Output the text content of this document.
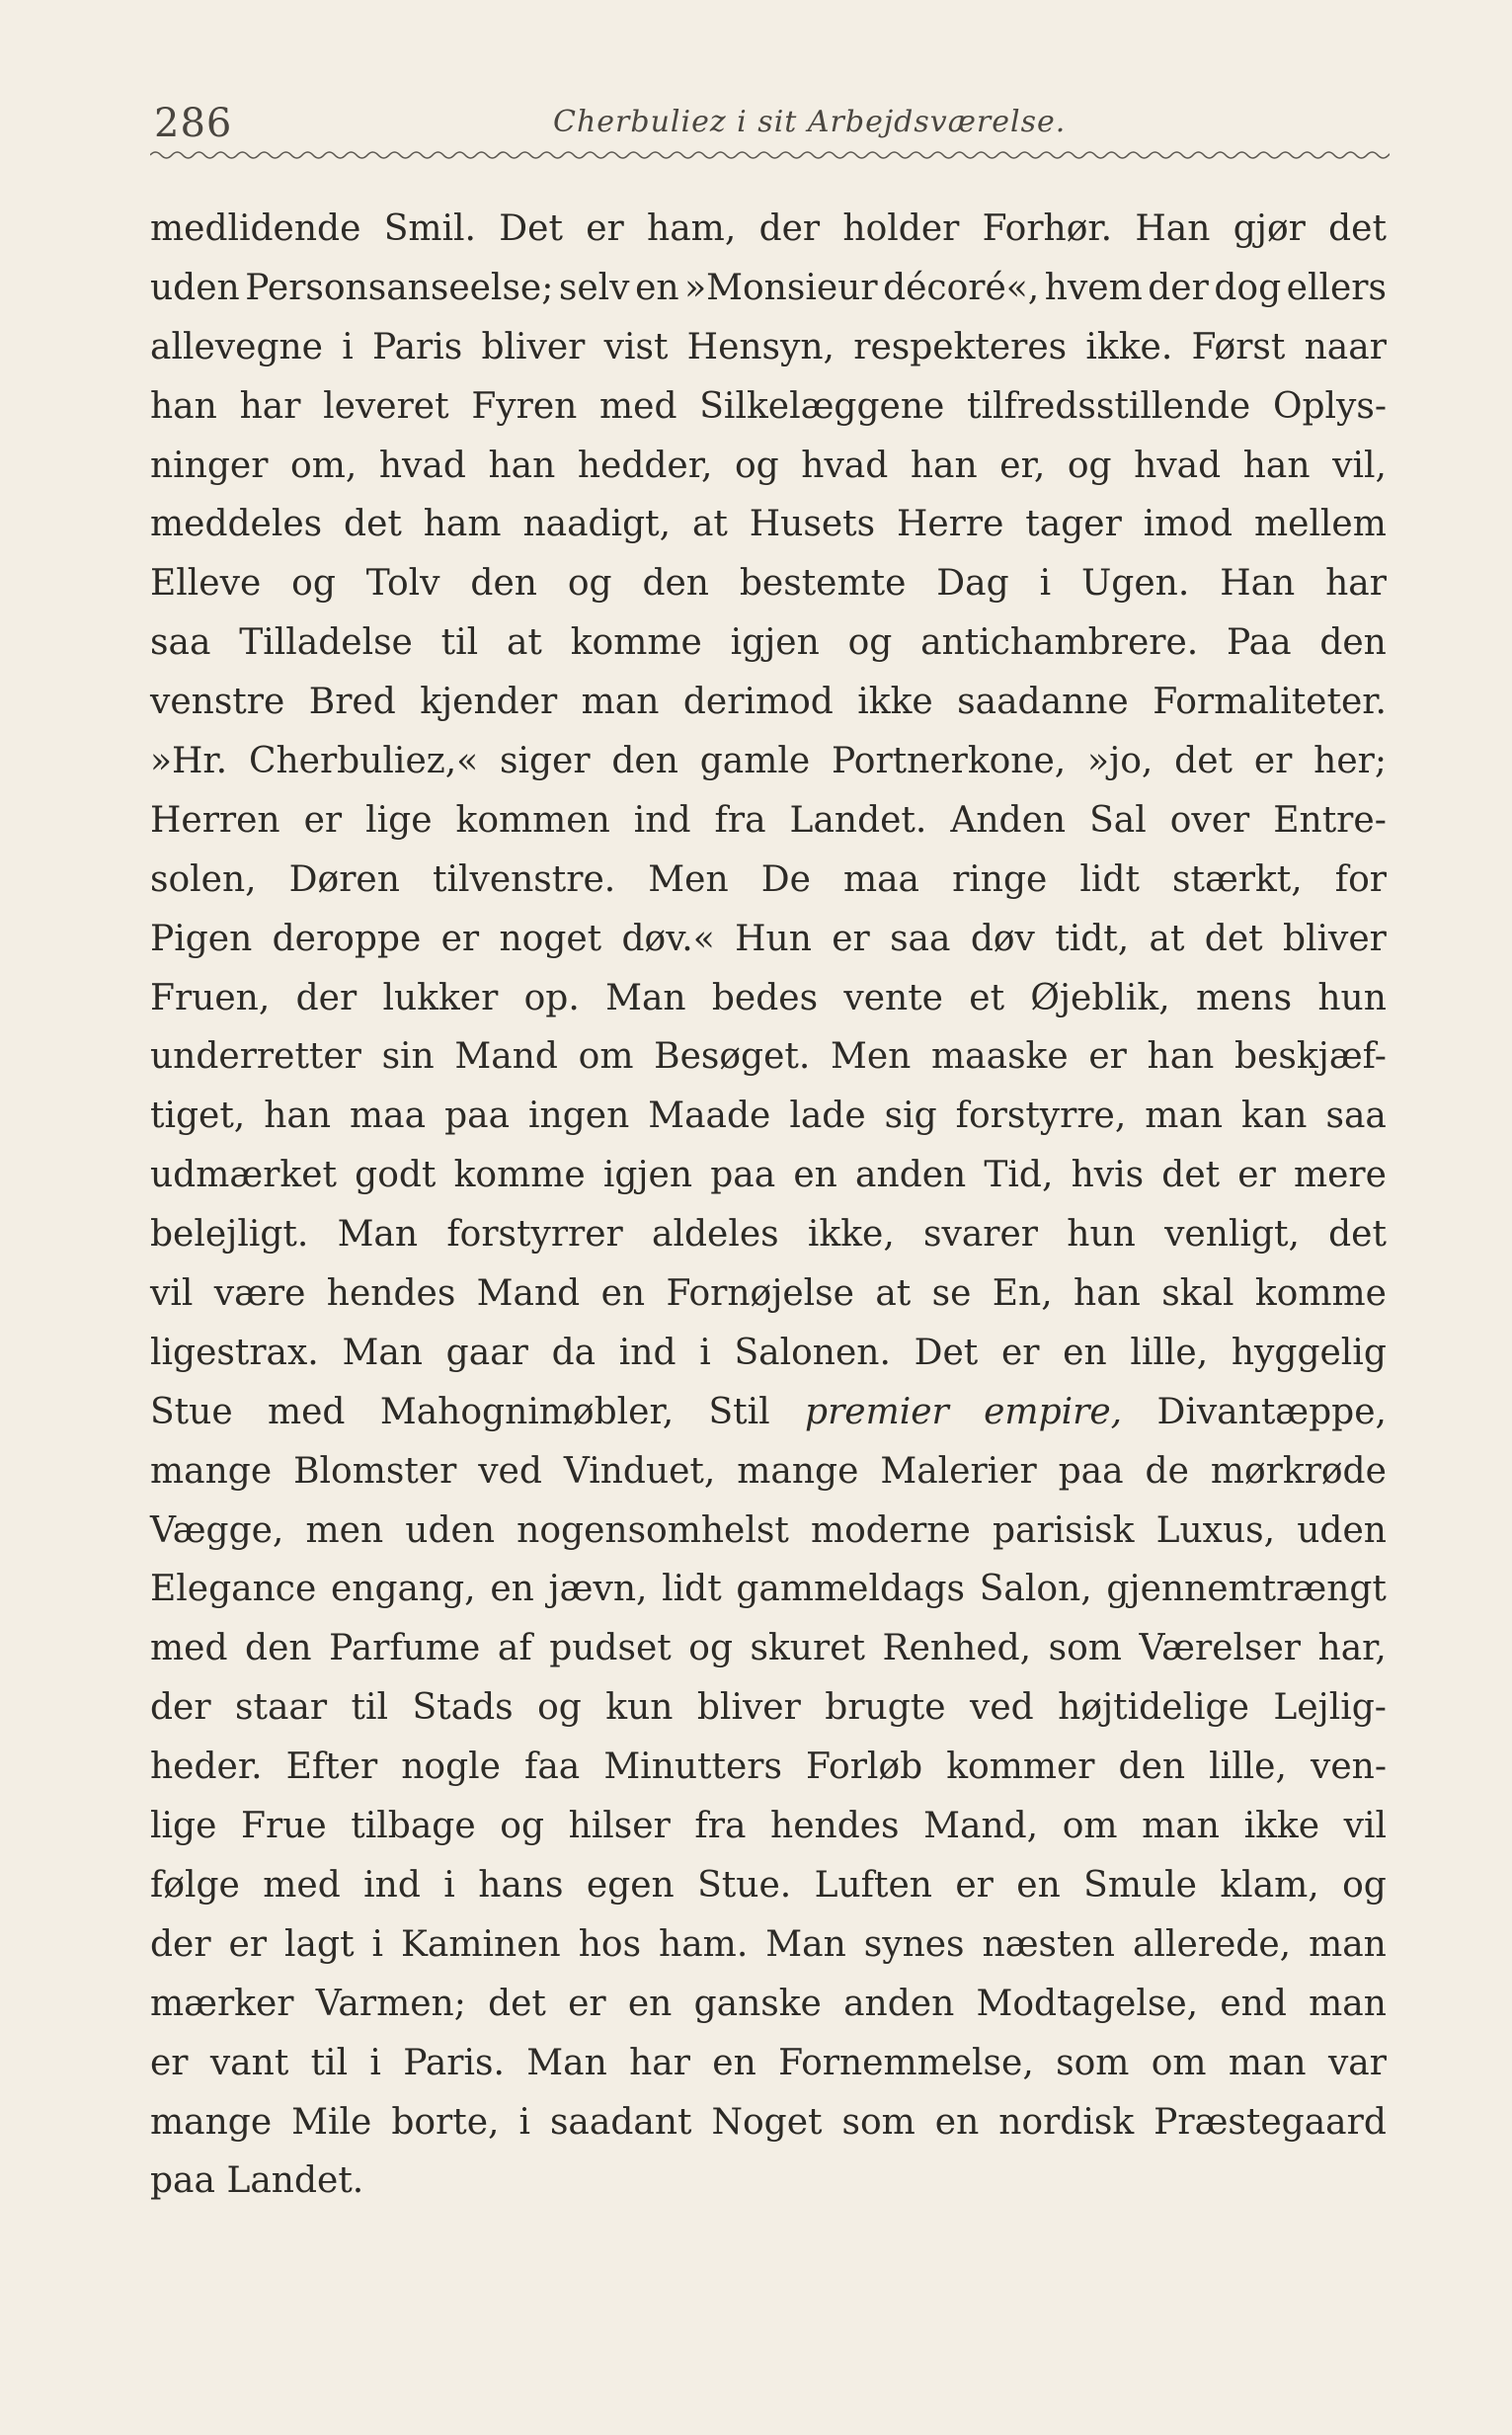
286	Cherbuliez i sit Arbejdsværelse.
medlidende Smil. Det er ham, der holder Forhør. Han gjør det
uden Personsanseelse; selv en »Monsieur décoré«, hvem der dog ellers
allevegne i Paris bliver vist Hensyn, respekteres ikke. Først naar
han har leveret Fyren med Silkelæggene tilfredsstillende Oplys-
ninger om, hvad han hedder, og hvad han er, og hvad han vil,
meddeles det ham naadigt, at Husets Herre tager imod mellem
Elleve og Tolv den og den bestemte Dag i Ugen. Han har
saa Tilladelse til at komme igjen og antichambrere. Paa den
venstre Bred kjender man derimod ikke saadanne Formaliteter.
»Hr. Cherbuliez,« siger den gamle Portnerkone, »jo, det er her;
Herren er lige kommen ind fra Landet. Anden Sal over Entre-
solen, Døren tilvenstre. Men De maa ringe lidt stærkt, for
Pigen deroppe er noget døv.« Hun er saa døv tidt, at det bliver
Fruen, der lukker op. Man bedes vente et Øjeblik, mens hun
underretter sin Mand om Besøget. Men maaske er han beskjæf-
tiget, han maa paa ingen Maade lade sig forstyrre, man kan saa
udmærket godt komme igjen paa en anden Tid, hvis det er mere
belejligt. Man forstyrrer aldeles ikke, svarer hun venligt, det
vil være hendes Mand en Fornøjelse at se En, han skal komme
ligestrax. Man gaar da ind i Salonen. Det er en lille, hyggelig
Stue med Mahognimøbler, Stil premier empire, Divantæppe,
mange Blomster ved Vinduet, mange Malerier paa de mørkrøde
Vægge, men uden nogensomhelst moderne parisisk Luxus, uden
Elegance engang, en jævn, lidt gammeldags Salon, gjennemtrængt
med den Parfume af pudset og skuret Renhed, som Værelser har,
der staar til Stads og kun bliver brugte ved højtidelige Lejlig-
heder. Efter nogle faa Minutters Forløb kommer den lille, ven-
lige Frue tilbage og hilser fra hendes Mand, om man ikke vil
følge med ind i hans egen Stue. Luften er en Smule klam, og
der er lagt i Kaminen hos ham. Man synes næsten allerede, man
mærker Varmen; det er en ganske anden Modtagelse, end man
er vant til i Paris. Man har en Fornemmelse, som om man var
mange Mile borte, i saadant Noget som en nordisk Præstegaard
paa
Landet.
